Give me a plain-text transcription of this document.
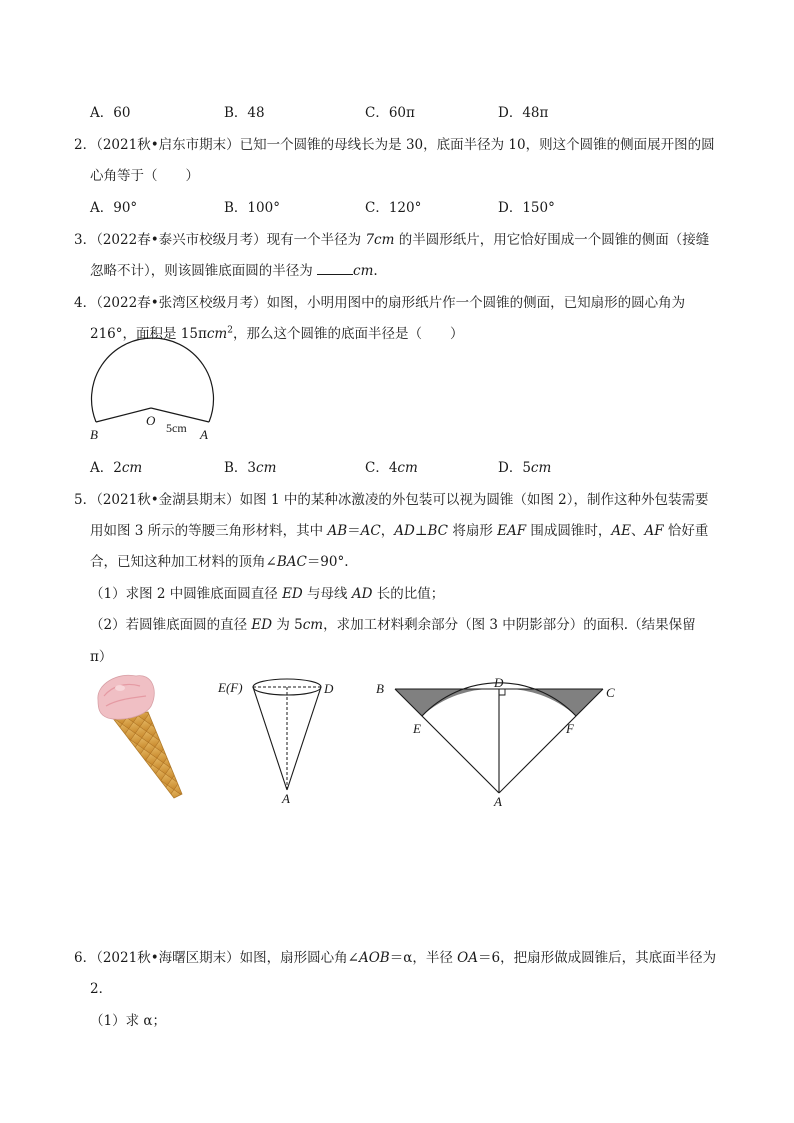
A．60	B．48	C．60π	D．48π
2．（2021秋•启东市期末）已知一个圆锥的母线长为是 30，底面半径为 10，则这个圆锥的侧面展开图的圆
心角等于（ ）
A．90°	B．100°	C．120°	D．150°
3．（2022春•泰兴市校级月考）现有一个半径为 7cm 的半圆形纸片，用它恰好围成一个圆锥的侧面（接缝
忽略不计），则该圆锥底面圆的半径为	cm.
4．（2022春•张湾区校级月考）如图，小明用图中的扇形纸片作一个圆锥的侧面，已知扇形的圆心角为
216°，面积是 15πcm$^2$，那么这个圆锥的底面半径是（ ）
B
O 5cm A
A．2cm	B．3cm	C．4cm	D．5cm
5．（2021秋•金湖县期末）如图 1 中的某种冰激凌的外包装可以视为圆锥（如图 2），制作这种外包装需要
用如图 3 所示的等腰三角形材料，其中 AB＝AC，AD⊥BC 将扇形 EAF 围成圆锥时，AE、AF 恰好重
合，已知这种加工材料的顶角∠BAC＝90°.
（1）求图 2 中圆锥底面圆直径 ED 与母线 AD 长的比值；
（2）若圆锥底面圆的直径 ED 为 5cm，求加工材料剩余部分（图 3 中阴影部分）的面积.（结果保留
π）
E(F)	D
A
B	D
C
E	F
A
6．（2021秋•海曙区期末）如图，扇形圆心角∠AOB＝α，半径 OA＝6，把扇形做成圆锥后，其底面半径为
2．
（1）求 α；
